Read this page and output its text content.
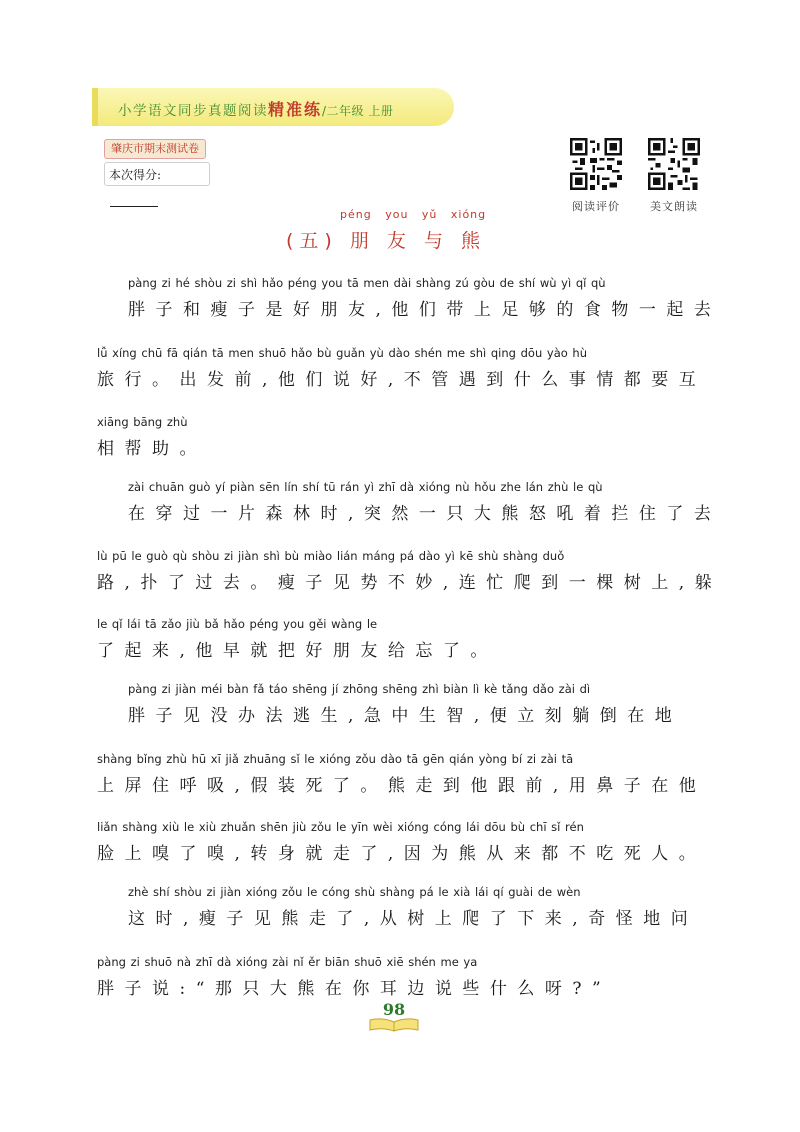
小学语文同步真题阅读精准练/二年级 上册
肇庆市期末测试卷
本次得分:
阅读评价	美文朗读
péng you yǔ xióng
(五) 朋 友 与 熊
pàng zi hé shòu zi shì hǎo péng you tā men dài shàng zú gòu de shí wù yì qǐ qù
胖子和瘦子是好朋友,他们带上足够的食物一起去
lǚ xíng chū fā qián tā men shuō hǎo bù guǎn yù dào shén me shì qing dōu yào hù
旅行。出发前,他们说好,不管遇到什么事情都要互
xiāng bāng zhù
相帮助。
zài chuān guò yí piàn sēn lín shí tū rán yì zhī dà xióng nù hǒu zhe lán zhù le qù
在穿过一片森林时,突然一只大熊怒吼着拦住了去
lù pū le guò qù shòu zi jiàn shì bù miào lián máng pá dào yì kē shù shàng duǒ
路,扑了过去。瘦子见势不妙,连忙爬到一棵树上,躲
le qǐ lái tā zǎo jiù bǎ hǎo péng you gěi wàng le
了起来,他早就把好朋友给忘了。
pàng zi jiàn méi bàn fǎ táo shēng jí zhōng shēng zhì biàn lì kè tǎng dǎo zài dì
胖子见没办法逃生,急中生智,便立刻躺倒在地
shàng bǐng zhù hū xī jiǎ zhuāng sǐ le xióng zǒu dào tā gēn qián yòng bí zi zài tā
上屏住呼吸,假装死了。熊走到他跟前,用鼻子在他
liǎn shàng xiù le xiù zhuǎn shēn jiù zǒu le yīn wèi xióng cóng lái dōu bù chī sǐ rén
脸上嗅了嗅,转身就走了,因为熊从来都不吃死人。
zhè shí shòu zi jiàn xióng zǒu le cóng shù shàng pá le xià lái qí guài de wèn
这时,瘦子见熊走了,从树上爬了下来,奇怪地问
pàng zi shuō nà zhī dà xióng zài nǐ ěr biān shuō xiē shén me ya
胖子说:“那只大熊在你耳边说些什么呀?”
98
